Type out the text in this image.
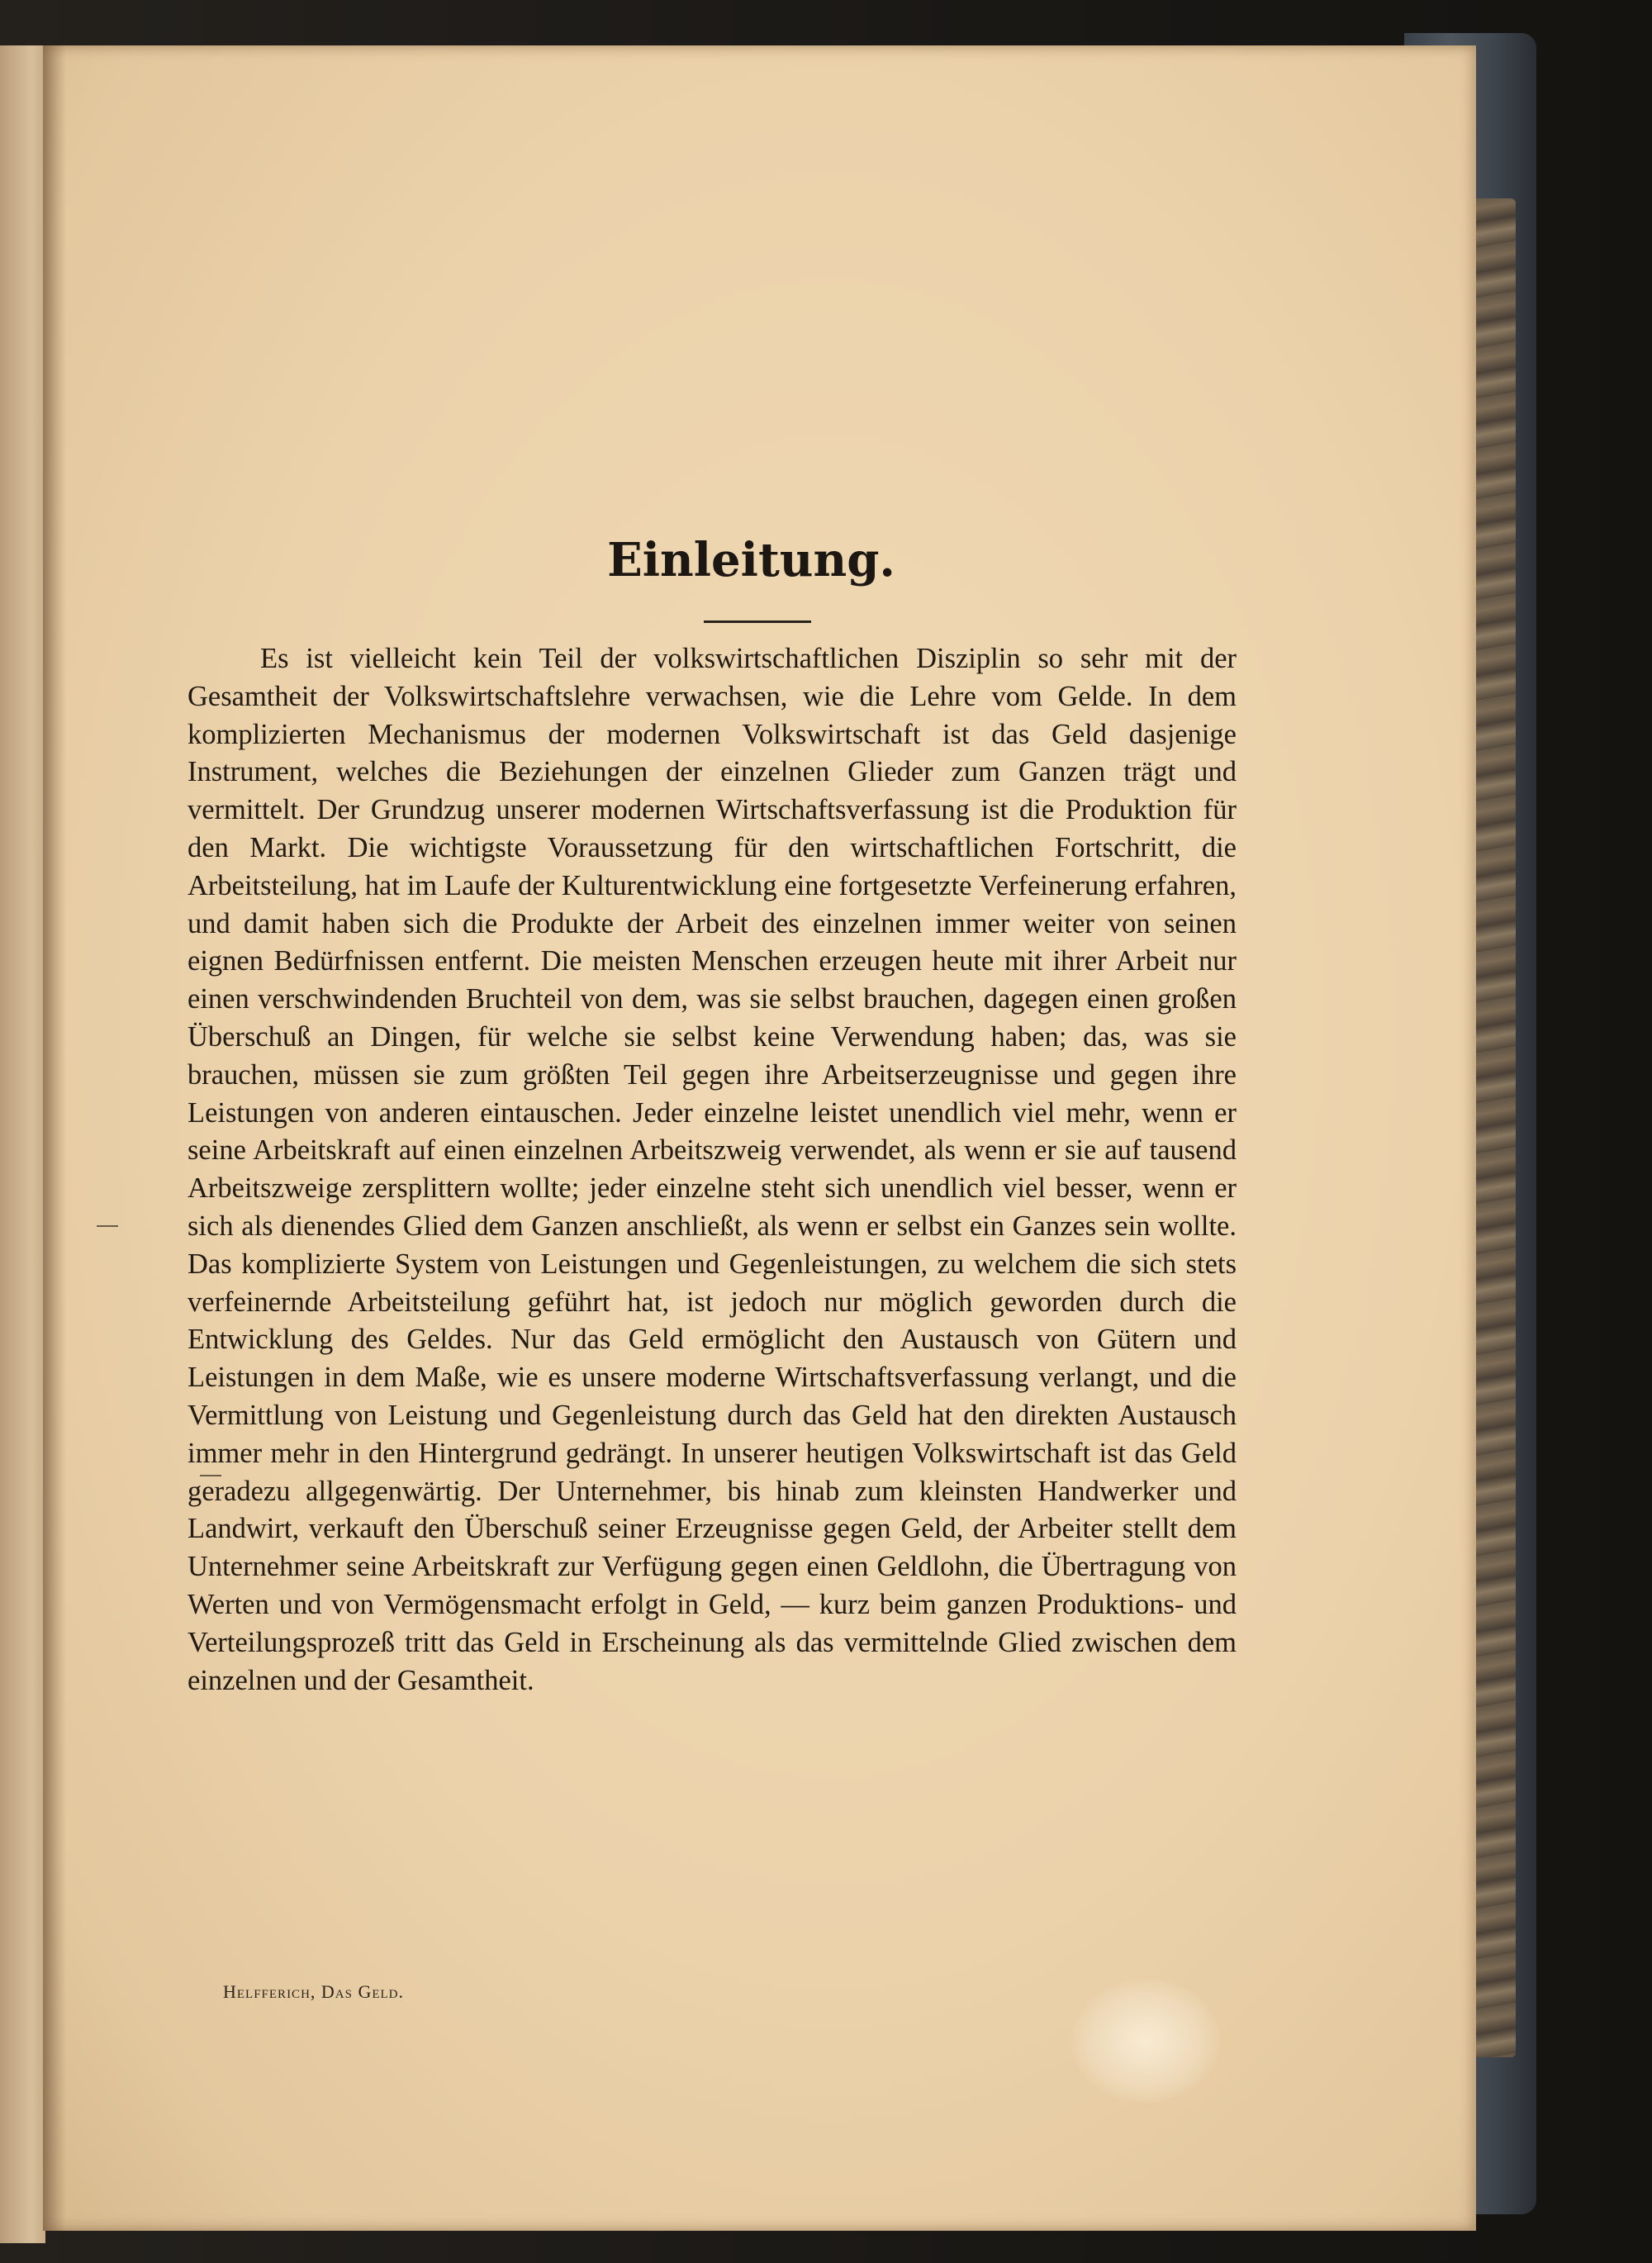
Einleitung.

Es ist vielleicht kein Teil der volkswirtschaftlichen Disziplin so sehr mit der Gesamtheit der Volkswirtschaftslehre verwachsen, wie die Lehre vom Gelde. In dem komplizierten Mechanismus der modernen Volkswirtschaft ist das Geld dasjenige Instrument, welches die Beziehungen der einzelnen Glieder zum Ganzen trägt und vermittelt. Der Grundzug unserer modernen Wirtschaftsverfassung ist die Produktion für den Markt. Die wichtigste Voraussetzung für den wirtschaftlichen Fortschritt, die Arbeitsteilung, hat im Laufe der Kulturentwicklung eine fortgesetzte Verfeinerung erfahren, und damit haben sich die Produkte der Arbeit des einzelnen immer weiter von seinen eignen Bedürfnissen entfernt. Die meisten Menschen erzeugen heute mit ihrer Arbeit nur einen verschwindenden Bruchteil von dem, was sie selbst brauchen, dagegen einen großen Überschuß an Dingen, für welche sie selbst keine Verwendung haben; das, was sie brauchen, müssen sie zum größten Teil gegen ihre Arbeitserzeugnisse und gegen ihre Leistungen von anderen eintauschen. Jeder einzelne leistet unendlich viel mehr, wenn er seine Arbeitskraft auf einen einzelnen Arbeitszweig verwendet, als wenn er sie auf tausend Arbeitszweige zersplittern wollte; jeder einzelne steht sich unendlich viel besser, wenn er sich als dienendes Glied dem Ganzen anschließt, als wenn er selbst ein Ganzes sein wollte. Das komplizierte System von Leistungen und Gegenleistungen, zu welchem die sich stets verfeinernde Arbeitsteilung geführt hat, ist jedoch nur möglich geworden durch die Entwicklung des Geldes. Nur das Geld ermöglicht den Austausch von Gütern und Leistungen in dem Maße, wie es unsere moderne Wirtschaftsverfassung verlangt, und die Vermittlung von Leistung und Gegenleistung durch das Geld hat den direkten Austausch immer mehr in den Hintergrund gedrängt. In unserer heutigen Volkswirtschaft ist das Geld geradezu allgegenwärtig. Der Unternehmer, bis hinab zum kleinsten Handwerker und Landwirt, verkauft den Überschuß seiner Erzeugnisse gegen Geld, der Arbeiter stellt dem Unternehmer seine Arbeitskraft zur Verfügung gegen einen Geldlohn, die Übertragung von Werten und von Vermögensmacht erfolgt in Geld, — kurz beim ganzen Produktions- und Verteilungsprozeß tritt das Geld in Erscheinung als das vermittelnde Glied zwischen dem einzelnen und der Gesamtheit.

Helfferich, Das Geld.
